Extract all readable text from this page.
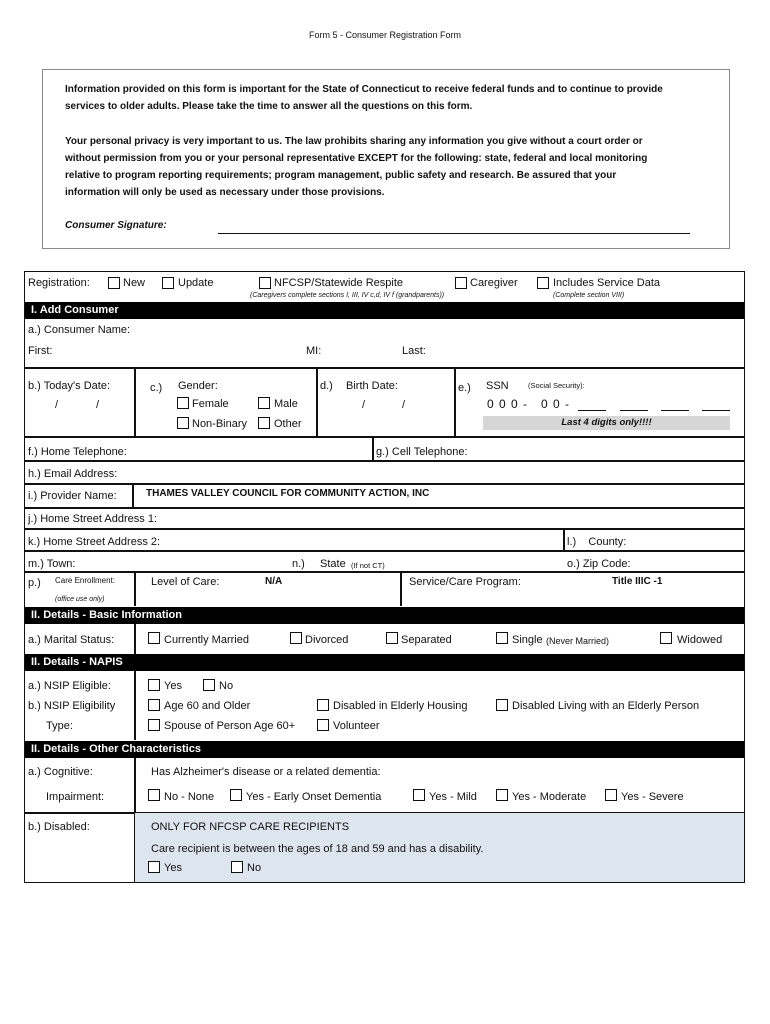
Form 5 - Consumer Registration Form

Information provided on this form is important for the State of Connecticut to receive federal funds and to continue to provide services to older adults. Please take the time to answer all the questions on this form.

Your personal privacy is very important to us. The law prohibits sharing any information you give without a court order or without permission from you or your personal representative EXCEPT for the following: state, federal and local monitoring relative to program reporting requirements; program management, public safety and research. Be assured that your information will only be used as necessary under those provisions.

Consumer Signature:
Registration:	New	Update	NFCSP/Statewide Respite
(Caregivers complete sections I, III, IV c,d, IV f (grandparents))
Caregiver	Includes Service Data
(Complete section VIII)
I. Add Consumer
a.) Consumer Name:
First:	MI:	Last:
b.) Today's Date:
/	/
c.) Gender:
Female	Male
Non-Binary Other
d.) Birth Date:
/	/
e.) SSN	(Social Security):
0 0 0 -   0 0 -
Last 4 digits only!!!!
f.) Home Telephone:	g.) Cell Telephone:
h.) Email Address:
i.) Provider Name:	THAMES VALLEY COUNCIL FOR COMMUNITY ACTION, INC
j.) Home Street Address 1:
k.) Home Street Address 2:	l.)    County:
m.) Town:	n.) State (If not CT)	o.) Zip Code:
p.) Care Enrollment:
(office use only)
Level of Care:	N/A	Service/Care Program:	Title IIIC -1
II. Details - Basic Information
a.) Marital Status:	Currently Married	Divorced	Separated	Single (Never Married)	Widowed
II. Details - NAPIS
a.) NSIP Eligible:	Yes	No
b.) NSIP Eligibility
Type:
Age 60 and Older	Disabled in Elderly Housing	Disabled Living with an Elderly Person
Spouse of Person Age 60+	Volunteer
II. Details - Other Characteristics
a.) Cognitive:
Impairment:
Has Alzheimer's disease or a related dementia:
No - None	Yes - Early Onset Dementia	Yes - Mild	Yes - Moderate	Yes - Severe
b.) Disabled:	ONLY FOR NFCSP CARE RECIPIENTS
Care recipient is between the ages of 18 and 59 and has a disability.
Yes	No
